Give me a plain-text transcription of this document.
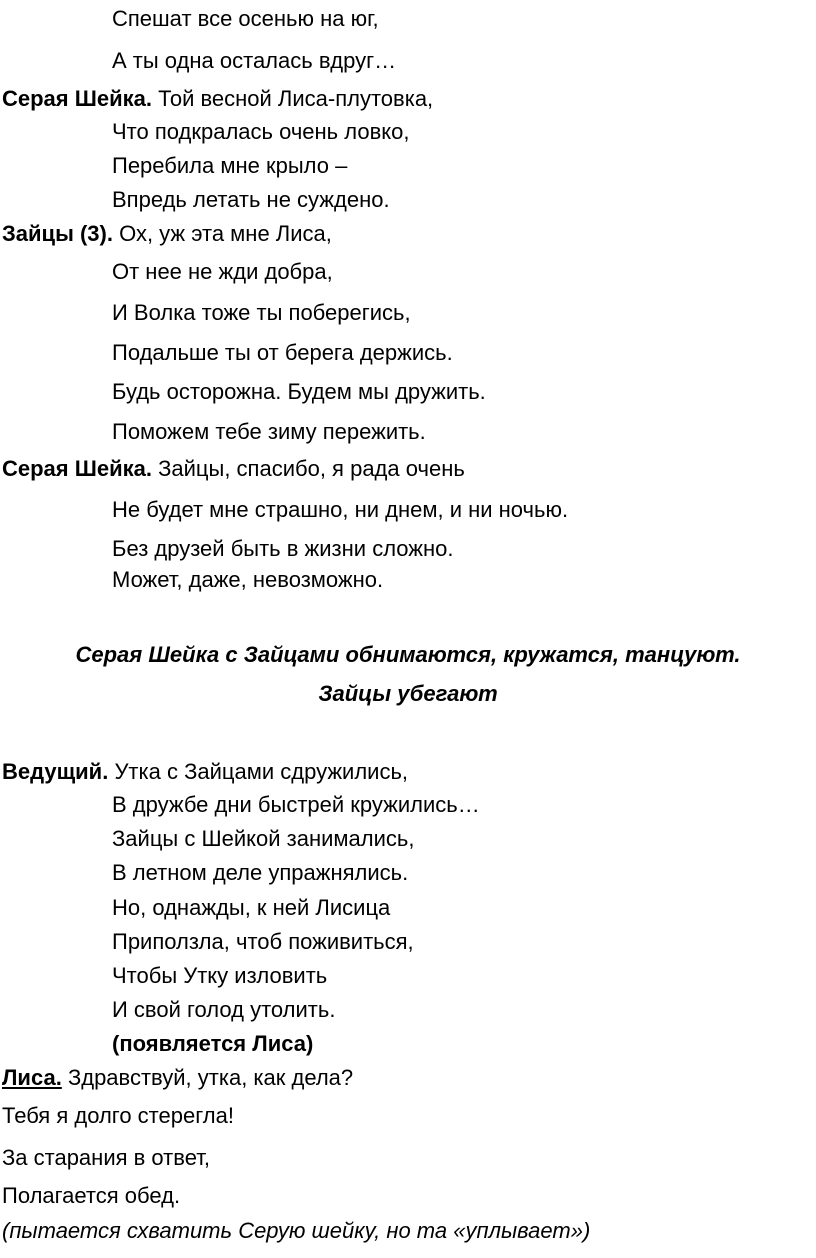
Спешат все осенью на юг,
А ты одна осталась вдруг…
Серая Шейка. Той весной Лиса-плутовка,
Что подкралась очень ловко,
Перебила мне крыло –
Впредь летать не суждено.
Зайцы (3). Ох, уж эта мне Лиса,
От нее не жди добра,
И Волка тоже ты поберегись,
Подальше ты от берега держись.
Будь осторожна. Будем мы дружить.
Поможем тебе зиму пережить.
Серая Шейка. Зайцы, спасибо, я рада очень
Не будет мне страшно, ни днем, и ни ночью.
Без друзей быть в жизни сложно.
Может, даже, невозможно.
Серая Шейка с Зайцами обнимаются, кружатся, танцуют.
Зайцы убегают
Ведущий. Утка с Зайцами сдружились,
В дружбе дни быстрей кружились…
Зайцы с Шейкой занимались,
В летном деле упражнялись.
Но, однажды, к ней Лисица
Приползла, чтоб поживиться,
Чтобы Утку изловить
И свой голод утолить.
(появляется Лиса)
Лиса. Здравствуй, утка, как дела?
Тебя я долго стерегла!
За старания в ответ,
Полагается обед.
(пытается схватить Серую шейку, но та «уплывает»)
